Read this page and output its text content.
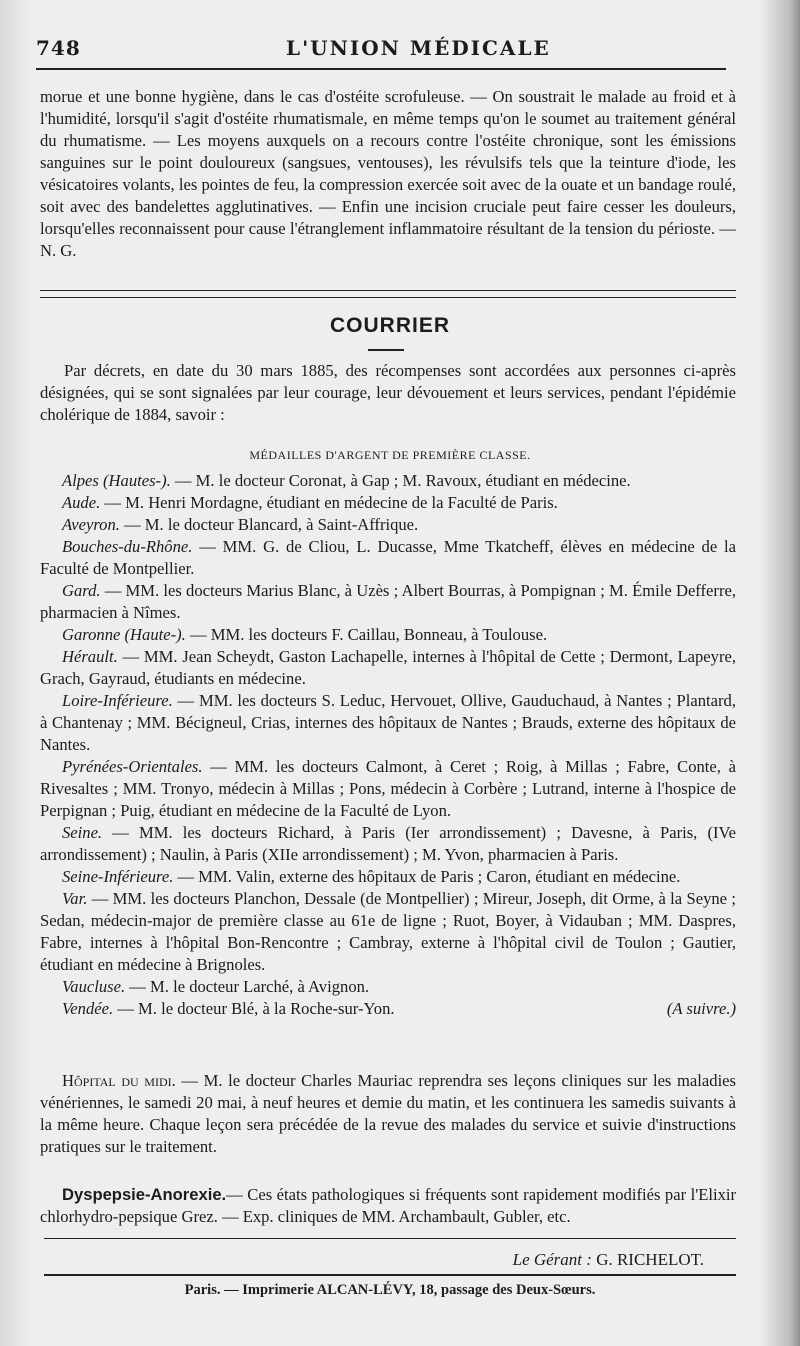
748	L'UNION MÉDICALE

morue et une bonne hygiène, dans le cas d'ostéite scrofuleuse. — On soustrait le malade au froid et à l'humidité, lorsqu'il s'agit d'ostéite rhumatismale, en même temps qu'on le soumet au traitement général du rhumatisme. — Les moyens auxquels on a recours contre l'ostéite chronique, sont les émissions sanguines sur le point douloureux (sangsues, ventouses), les révulsifs tels que la teinture d'iode, les vésicatoires volants, les pointes de feu, la compression exercée soit avec de la ouate et un bandage roulé, soit avec des bandelettes agglutinatives. — Enfin une incision cruciale peut faire cesser les douleurs, lorsqu'elles reconnaissent pour cause l'étranglement inflammatoire résultant de la tension du périoste. — N. G.

COURRIER

Par décrets, en date du 30 mars 1885, des récompenses sont accordées aux personnes ci-après désignées, qui se sont signalées par leur courage, leur dévouement et leurs services, pendant l'épidémie cholérique de 1884, savoir :

MÉDAILLES D'ARGENT DE PREMIÈRE CLASSE.
Alpes (Hautes-). — M. le docteur Coronat, à Gap ; M. Ravoux, étudiant en médecine.
Aude. — M. Henri Mordagne, étudiant en médecine de la Faculté de Paris.
Aveyron. — M. le docteur Blancard, à Saint-Affrique.
Bouches-du-Rhône. — MM. G. de Cliou, L. Ducasse, Mme Tkatcheff, élèves en médecine de la Faculté de Montpellier.
Gard. — MM. les docteurs Marius Blanc, à Uzès ; Albert Bourras, à Pompignan ; M. Émile Defferre, pharmacien à Nîmes.
Garonne (Haute-). — MM. les docteurs F. Caillau, Bonneau, à Toulouse.
Hérault. — MM. Jean Scheydt, Gaston Lachapelle, internes à l'hôpital de Cette ; Dermont, Lapeyre, Grach, Gayraud, étudiants en médecine.
Loire-Inférieure. — MM. les docteurs S. Leduc, Hervouet, Ollive, Gauduchaud, à Nantes ; Plantard, à Chantenay ; MM. Bécigneul, Crias, internes des hôpitaux de Nantes ; Brauds, externe des hôpitaux de Nantes.
Pyrénées-Orientales. — MM. les docteurs Calmont, à Ceret ; Roig, à Millas ; Fabre, Conte, à Rivesaltes ; MM. Tronyo, médecin à Millas ; Pons, médecin à Corbère ; Lutrand, interne à l'hospice de Perpignan ; Puig, étudiant en médecine de la Faculté de Lyon.
Seine. — MM. les docteurs Richard, à Paris (Ier arrondissement) ; Davesne, à Paris, (IVe arrondissement) ; Naulin, à Paris (XIIe arrondissement) ; M. Yvon, pharmacien à Paris.
Seine-Inférieure. — MM. Valin, externe des hôpitaux de Paris ; Caron, étudiant en médecine.
Var. — MM. les docteurs Planchon, Dessale (de Montpellier) ; Mireur, Joseph, dit Orme, à la Seyne ; Sedan, médecin-major de première classe au 61e de ligne ; Ruot, Boyer, à Vidauban ; MM. Daspres, Fabre, internes à l'hôpital Bon-Rencontre ; Cambray, externe à l'hôpital civil de Toulon ; Gautier, étudiant en médecine à Brignoles.
Vaucluse. — M. le docteur Larché, à Avignon.
(A suivre.)
Vendée. — M. le docteur Blé, à la Roche-sur-Yon.

Hôpital du midi. — M. le docteur Charles Mauriac reprendra ses leçons cliniques sur les maladies vénériennes, le samedi 20 mai, à neuf heures et demie du matin, et les continuera les samedis suivants à la même heure. Chaque leçon sera précédée de la revue des malades du service et suivie d'instructions pratiques sur le traitement.

Dyspepsie-Anorexie.— Ces états pathologiques si fréquents sont rapidement modifiés par l'Elixir chlorhydro-pepsique Grez. — Exp. cliniques de MM. Archambault, Gubler, etc.

Le Gérant : G. RICHELOT.
Paris. — Imprimerie ALCAN-LÉVY, 18, passage des Deux-Sœurs.
